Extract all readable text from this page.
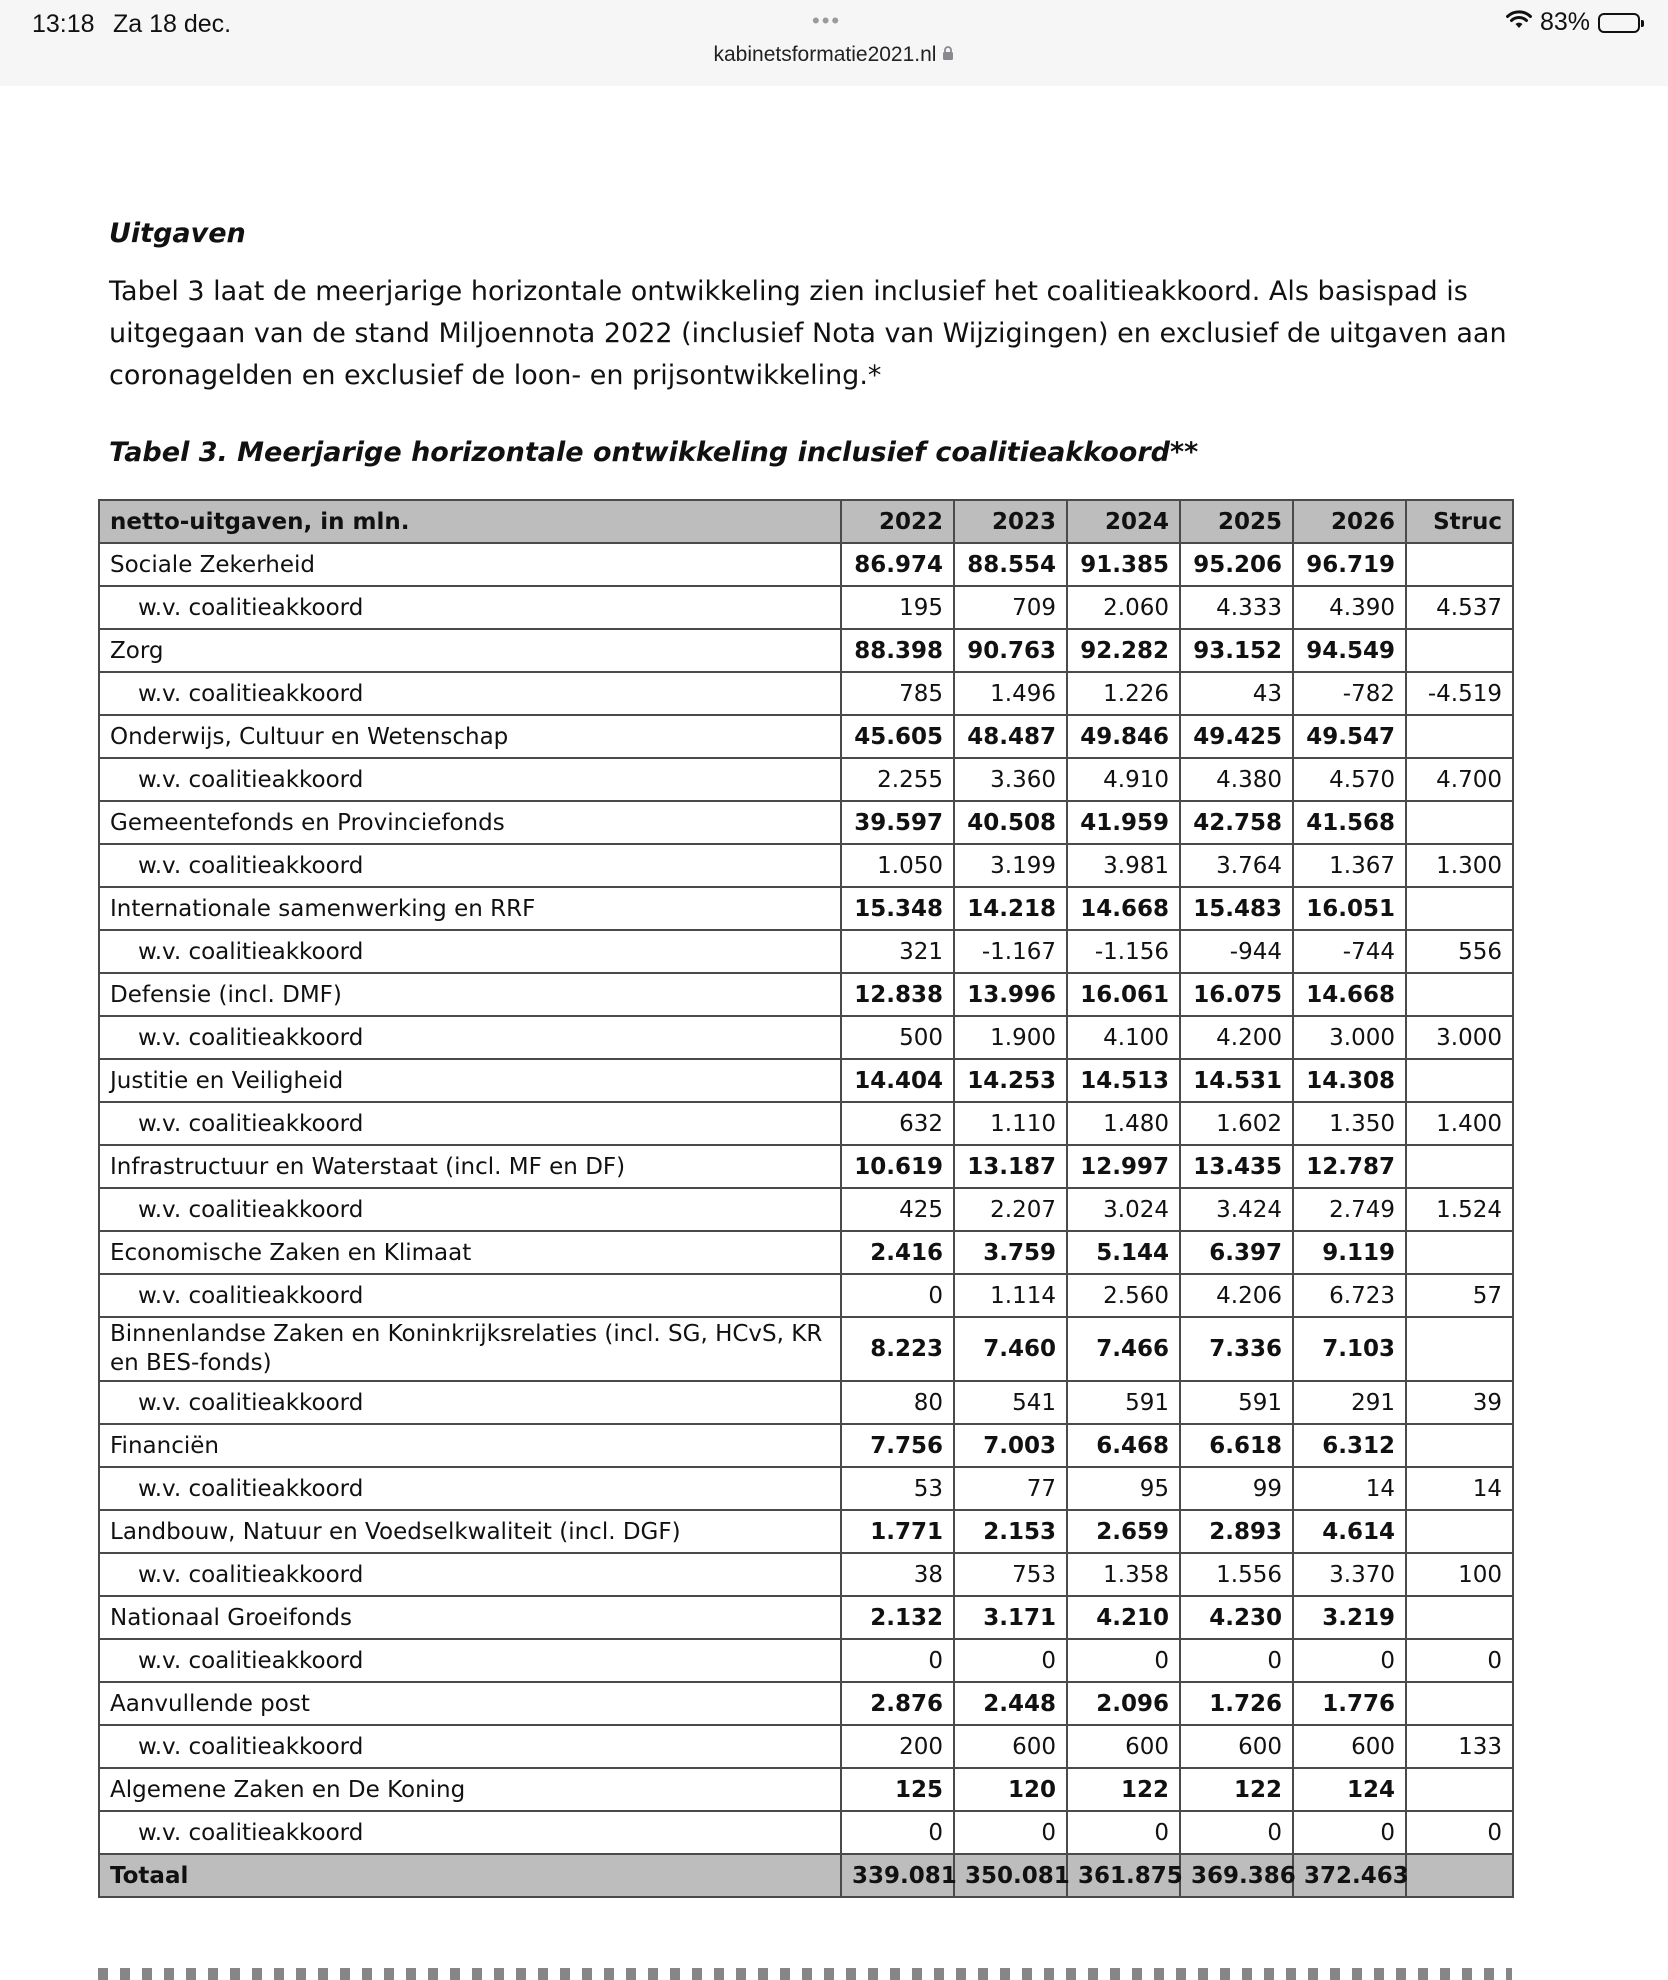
13:18 Za 18 dec.	•••
kabinetsformatie2021.nl
83%

Uitgaven

Tabel 3 laat de meerjarige horizontale ontwikkeling zien inclusief het coalitieakkoord. Als basispad is uitgegaan van de stand Miljoennota 2022 (inclusief Nota van Wijzigingen) en exclusief de uitgaven aan coronagelden en exclusief de loon- en prijsontwikkeling.*

Tabel 3. Meerjarige horizontale ontwikkeling inclusief coalitieakkoord**

netto-uitgaven, in mln.	2022	2023	2024	2025	2026	Struc
Sociale Zekerheid	86.974	88.554	91.385	95.206	96.719	
w.v. coalitieakkoord	195	709	2.060	4.333	4.390	4.537
Zorg	88.398	90.763	92.282	93.152	94.549	
w.v. coalitieakkoord	785	1.496	1.226	43	-782	-4.519
Onderwijs, Cultuur en Wetenschap	45.605	48.487	49.846	49.425	49.547	
w.v. coalitieakkoord	2.255	3.360	4.910	4.380	4.570	4.700
Gemeentefonds en Provinciefonds	39.597	40.508	41.959	42.758	41.568	
w.v. coalitieakkoord	1.050	3.199	3.981	3.764	1.367	1.300
Internationale samenwerking en RRF	15.348	14.218	14.668	15.483	16.051	
w.v. coalitieakkoord	321	-1.167	-1.156	-944	-744	556
Defensie (incl. DMF)	12.838	13.996	16.061	16.075	14.668	
w.v. coalitieakkoord	500	1.900	4.100	4.200	3.000	3.000
Justitie en Veiligheid	14.404	14.253	14.513	14.531	14.308	
w.v. coalitieakkoord	632	1.110	1.480	1.602	1.350	1.400
Infrastructuur en Waterstaat (incl. MF en DF)	10.619	13.187	12.997	13.435	12.787	
w.v. coalitieakkoord	425	2.207	3.024	3.424	2.749	1.524
Economische Zaken en Klimaat	2.416	3.759	5.144	6.397	9.119	
w.v. coalitieakkoord	0	1.114	2.560	4.206	6.723	57
Binnenlandse Zaken en Koninkrijksrelaties (incl. SG, HCvS, KR en BES-fonds)	8.223	7.460	7.466	7.336	7.103	
w.v. coalitieakkoord	80	541	591	591	291	39
Financiën	7.756	7.003	6.468	6.618	6.312	
w.v. coalitieakkoord	53	77	95	99	14	14
Landbouw, Natuur en Voedselkwaliteit (incl. DGF)	1.771	2.153	2.659	2.893	4.614	
w.v. coalitieakkoord	38	753	1.358	1.556	3.370	100
Nationaal Groeifonds	2.132	3.171	4.210	4.230	3.219	
w.v. coalitieakkoord	0	0	0	0	0	0
Aanvullende post	2.876	2.448	2.096	1.726	1.776	
w.v. coalitieakkoord	200	600	600	600	600	133
Algemene Zaken en De Koning	125	120	122	122	124	
w.v. coalitieakkoord	0	0	0	0	0	0
Totaal	339.081	350.081	361.875	369.386	372.463	
